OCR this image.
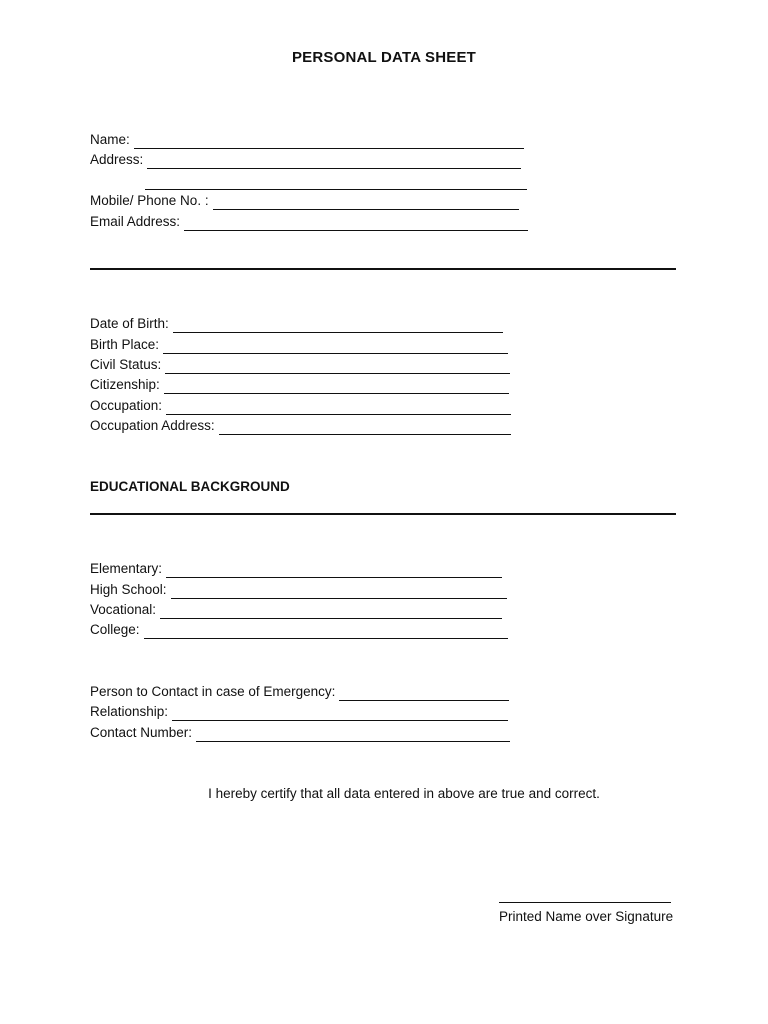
PERSONAL DATA SHEET
Name:
Address:
Mobile/ Phone No. :
Email Address:
Date of Birth:
Birth Place:
Civil Status:
Citizenship:
Occupation:
Occupation Address:
EDUCATIONAL BACKGROUND
Elementary:
High School:
Vocational:
College:
Person to Contact in case of Emergency:
Relationship:
Contact Number:
I hereby certify that all data entered in above are true and correct.
Printed Name over Signature
